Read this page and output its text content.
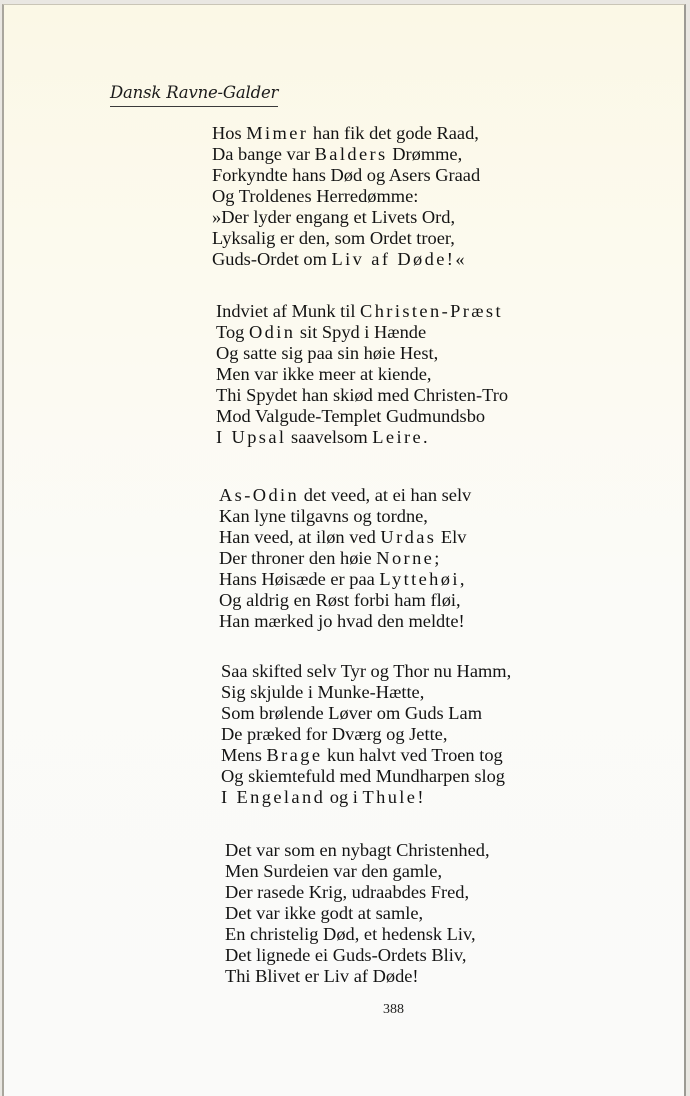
Dansk Ravne-Galder
Hos Mimer han fik det gode Raad,
Da bange var Balders Drømme,
Forkyndte hans Død og Asers Graad
Og Troldenes Herredømme:
»Der lyder engang et Livets Ord,
Lyksalig er den, som Ordet troer,
Guds-Ordet om Liv af Døde!«
Indviet af Munk til Christen-Præst
Tog Odin sit Spyd i Hænde
Og satte sig paa sin høie Hest,
Men var ikke meer at kiende,
Thi Spydet han skiød med Christen-Tro
Mod Valgude-Templet Gudmundsbo
I Upsal saavelsom Leire.
As-Odin det veed, at ei han selv
Kan lyne tilgavns og tordne,
Han veed, at iløn ved Urdas Elv
Der throner den høie Norne;
Hans Høisæde er paa Lyttehøi,
Og aldrig en Røst forbi ham fløi,
Han mærked jo hvad den meldte!
Saa skifted selv Tyr og Thor nu Hamm,
Sig skjulde i Munke-Hætte,
Som brølende Løver om Guds Lam
De præked for Dværg og Jette,
Mens Brage kun halvt ved Troen tog
Og skiemtefuld med Mundharpen slog
I Engeland og i Thule!
Det var som en nybagt Christenhed,
Men Surdeien var den gamle,
Der rasede Krig, udraabdes Fred,
Det var ikke godt at samle,
En christelig Død, et hedensk Liv,
Det lignede ei Guds-Ordets Bliv,
Thi Blivet er Liv af Døde!
388
